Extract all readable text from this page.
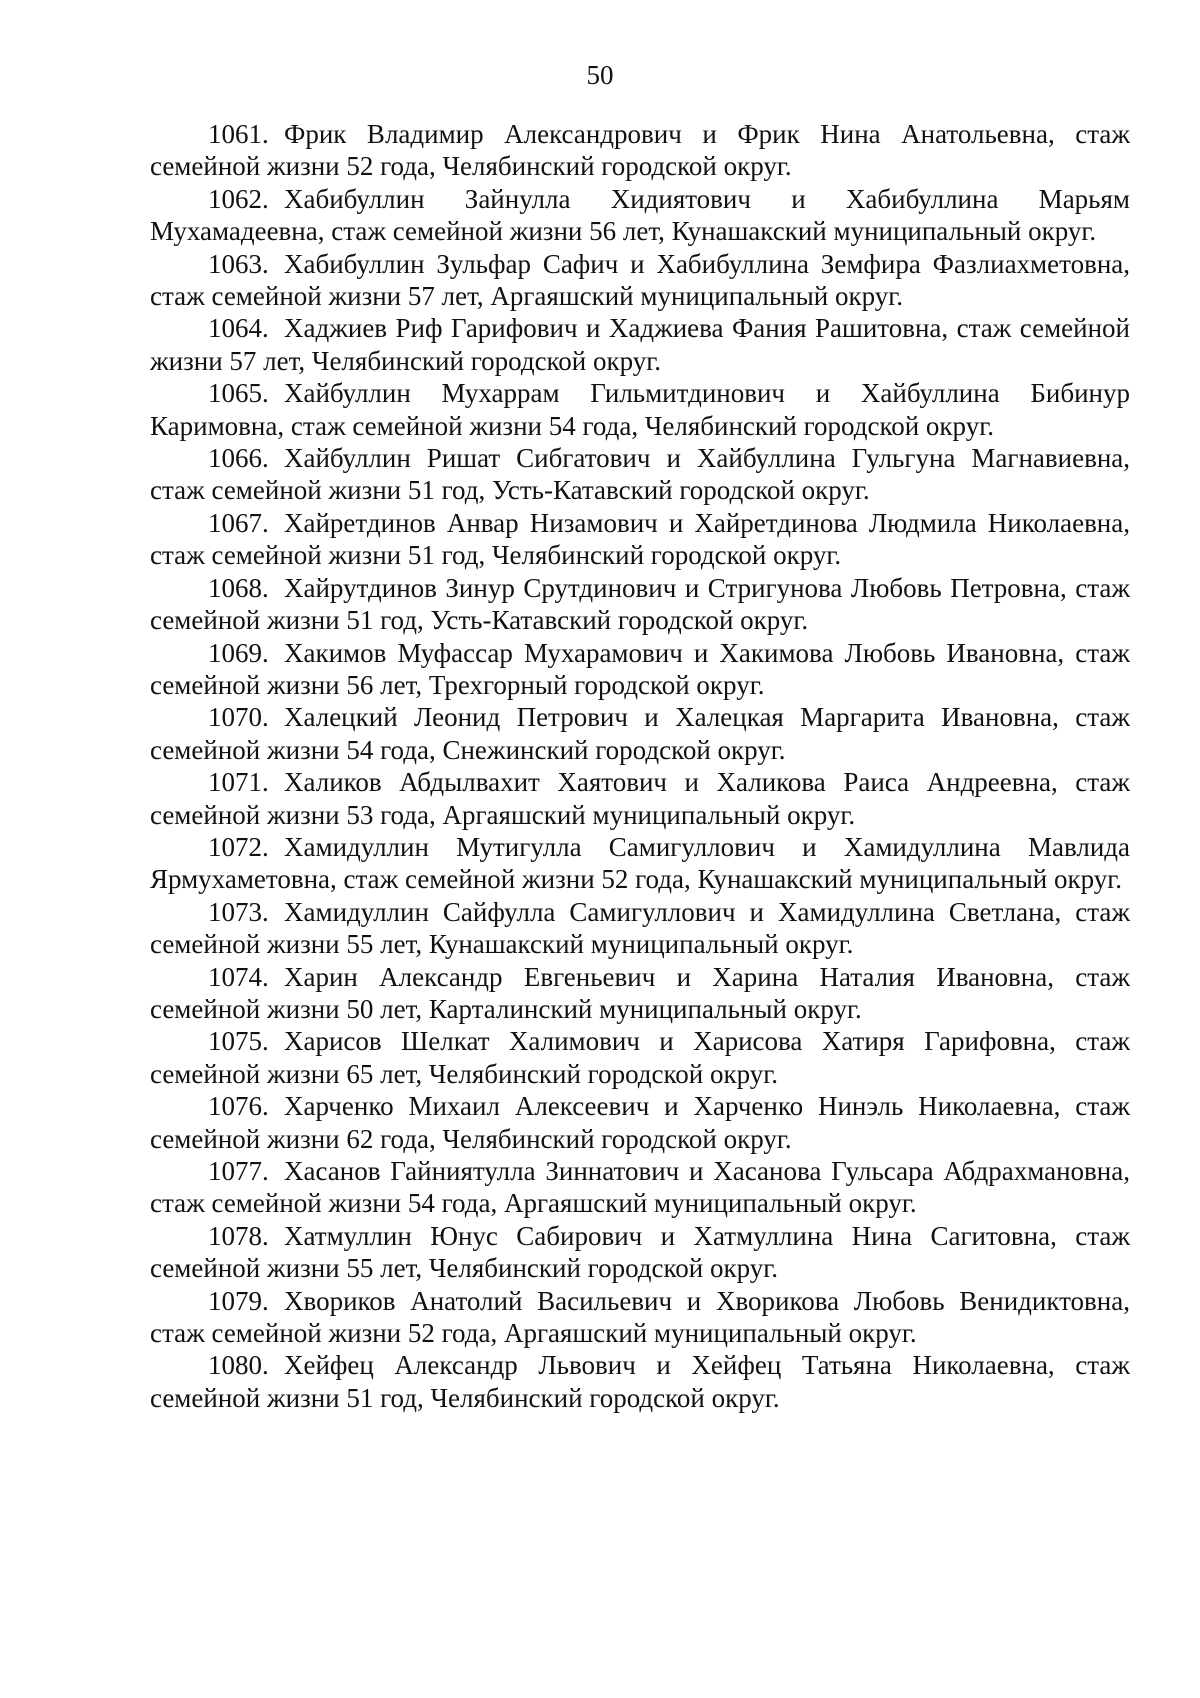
50

1061. Фрик Владимир Александрович и Фрик Нина Анатольевна, стаж семейной жизни 52 года, Челябинский городской округ.

1062. Хабибуллин Зайнулла Хидиятович и Хабибуллина Марьям Мухамадеевна, стаж семейной жизни 56 лет, Кунашакский муниципальный округ.

1063. Хабибуллин Зульфар Сафич и Хабибуллина Земфира Фазлиахметовна, стаж семейной жизни 57 лет, Аргаяшский муниципальный округ.

1064. Хаджиев Риф Гарифович и Хаджиева Фания Рашитовна, стаж семейной жизни 57 лет, Челябинский городской округ.

1065. Хайбуллин Мухаррам Гильмитдинович и Хайбуллина Бибинур Каримовна, стаж семейной жизни 54 года, Челябинский городской округ.

1066. Хайбуллин Ришат Сибгатович и Хайбуллина Гульгуна Магнавиевна, стаж семейной жизни 51 год, Усть-Катавский городской округ.

1067. Хайретдинов Анвар Низамович и Хайретдинова Людмила Николаевна, стаж семейной жизни 51 год, Челябинский городской округ.

1068. Хайрутдинов Зинур Срутдинович и Стригунова Любовь Петровна, стаж семейной жизни 51 год, Усть-Катавский городской округ.

1069. Хакимов Муфассар Мухарамович и Хакимова Любовь Ивановна, стаж семейной жизни 56 лет, Трехгорный городской округ.

1070. Халецкий Леонид Петрович и Халецкая Маргарита Ивановна, стаж семейной жизни 54 года, Снежинский городской округ.

1071. Халиков Абдылвахит Хаятович и Халикова Раиса Андреевна, стаж семейной жизни 53 года, Аргаяшский муниципальный округ.

1072. Хамидуллин Мутигулла Самигуллович и Хамидуллина Мавлида Ярмухаметовна, стаж семейной жизни 52 года, Кунашакский муниципальный округ.

1073. Хамидуллин Сайфулла Самигуллович и Хамидуллина Светлана, стаж семейной жизни 55 лет, Кунашакский муниципальный округ.

1074. Харин Александр Евгеньевич и Харина Наталия Ивановна, стаж семейной жизни 50 лет, Карталинский муниципальный округ.

1075. Харисов Шелкат Халимович и Харисова Хатиря Гарифовна, стаж семейной жизни 65 лет, Челябинский городской округ.

1076. Харченко Михаил Алексеевич и Харченко Нинэль Николаевна, стаж семейной жизни 62 года, Челябинский городской округ.

1077. Хасанов Гайниятулла Зиннатович и Хасанова Гульсара Абдрахмановна, стаж семейной жизни 54 года, Аргаяшский муниципальный округ.

1078. Хатмуллин Юнус Сабирович и Хатмуллина Нина Сагитовна, стаж семейной жизни 55 лет, Челябинский городской округ.

1079. Хвориков Анатолий Васильевич и Хворикова Любовь Венидиктовна, стаж семейной жизни 52 года, Аргаяшский муниципальный округ.

1080. Хейфец Александр Львович и Хейфец Татьяна Николаевна, стаж семейной жизни 51 год, Челябинский городской округ.
